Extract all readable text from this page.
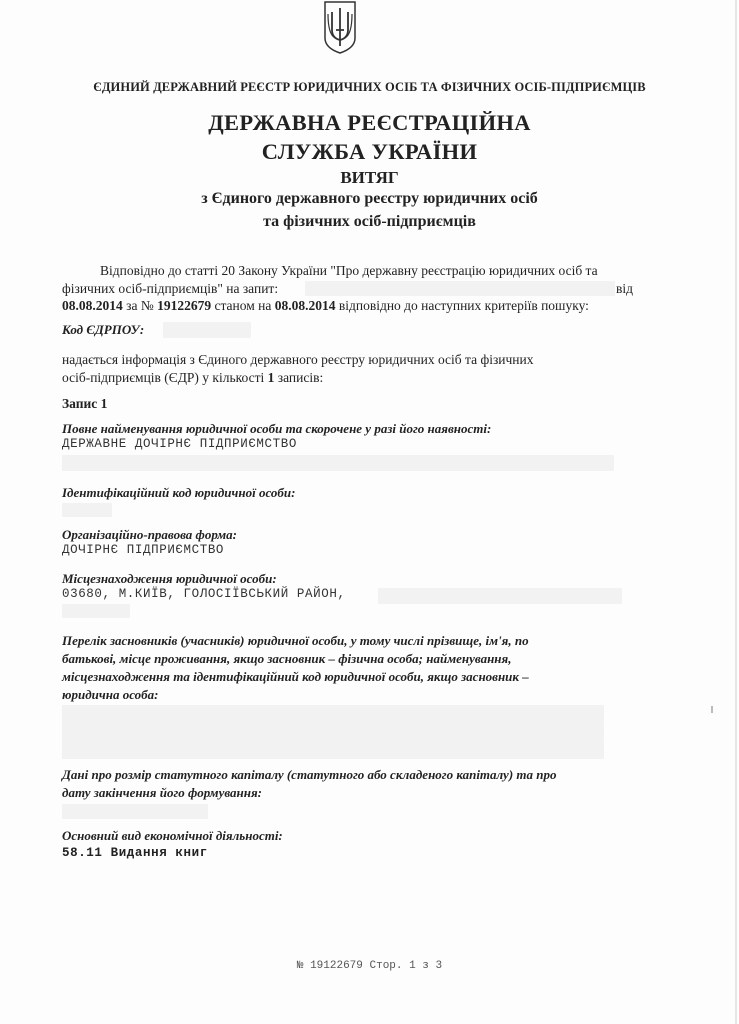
ЄДИНИЙ ДЕРЖАВНИЙ РЕЄСТР ЮРИДИЧНИХ ОСІБ ТА ФІЗИЧНИХ ОСІБ-ПІДПРИЄМЦІВ
ДЕРЖАВНА РЕЄСТРАЦІЙНА
СЛУЖБА УКРАЇНИ
ВИТЯГ
з Єдиного державного реєстру юридичних осіб
та фізичних осіб-підприємців
Відповідно до статті 20 Закону України "Про державну реєстрацію юридичних осіб та
фізичних осіб-підприємців" на запит:	від
08.08.2014 за № 19122679 станом на 08.08.2014 відповідно до наступних критеріїв пошуку:
Код ЄДРПОУ:
надається інформація з Єдиного державного реєстру юридичних осіб та фізичних
осіб-підприємців (ЄДР) у кількості 1 записів:
Запис 1
Повне найменування юридичної особи та скорочене у разі його наявності:
ДЕРЖАВНЕ ДОЧІРНЄ ПІДПРИЄМСТВО
Ідентифікаційний код юридичної особи:
Організаційно-правова форма:
ДОЧІРНЄ ПІДПРИЄМСТВО
Місцезнаходження юридичної особи:
03680, М.КИЇВ, ГОЛОСІЇВСЬКИЙ РАЙОН,
Перелік засновників (учасників) юридичної особи, у тому числі прізвище, ім'я, по
батькові, місце проживання, якщо засновник – фізична особа; найменування,
місцезнаходження та ідентифікаційний код юридичної особи, якщо засновник –
юридична особа:
Дані про розмір статутного капіталу (статутного або складеного капіталу) та про
дату закінчення його формування:
Основний вид економічної діяльності:
58.11 Видання книг
№ 19122679 Стор. 1 з 3
